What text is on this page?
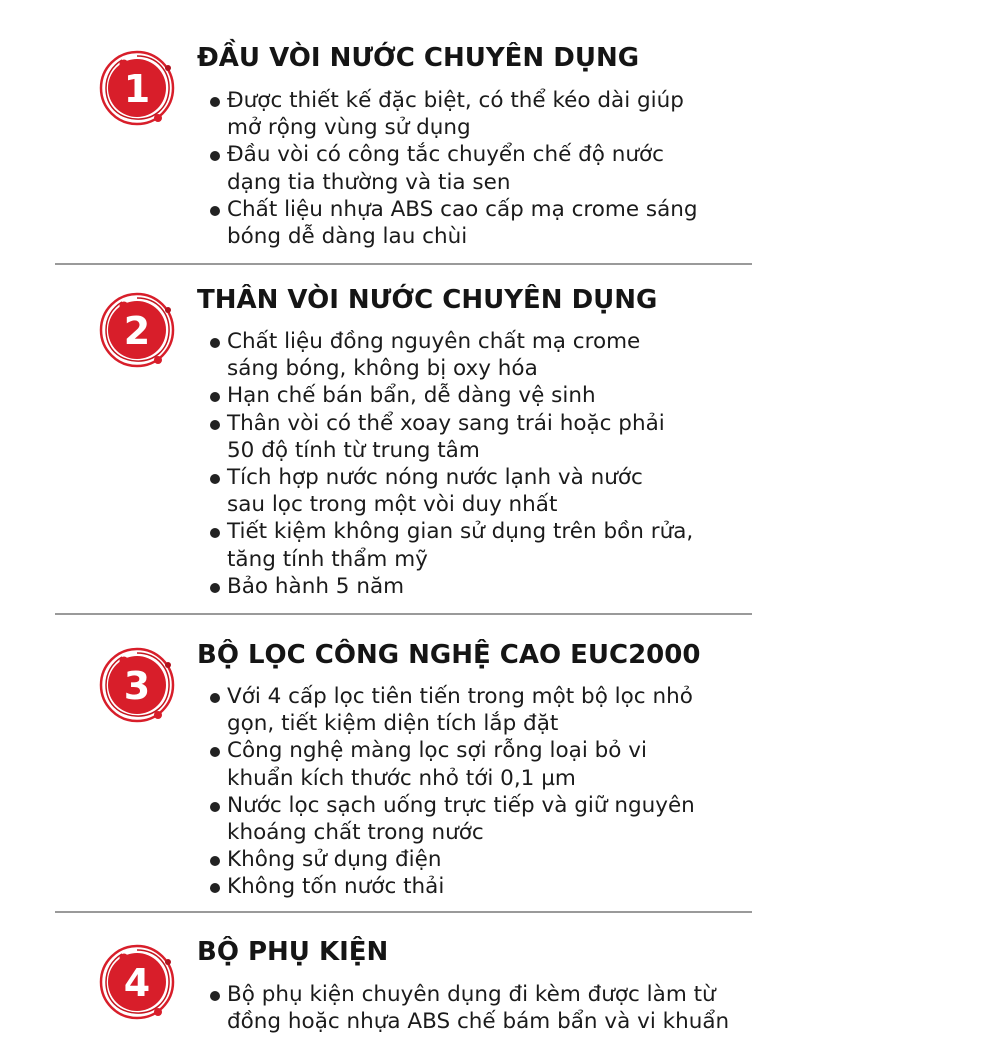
1
ĐẦU VÒI NƯỚC CHUYÊN DỤNG
Được thiết kế đặc biệt, có thể kéo dài giúp
mở rộng vùng sử dụng
Đầu vòi có công tắc chuyển chế độ nước
dạng tia thường và tia sen
Chất liệu nhựa ABS cao cấp mạ crome sáng
bóng dễ dàng lau chùi
2
THÂN VÒI NƯỚC CHUYÊN DỤNG
Chất liệu đồng nguyên chất mạ crome
sáng bóng, không bị oxy hóa
Hạn chế bán bẩn, dễ dàng vệ sinh
Thân vòi có thể xoay sang trái hoặc phải
50 độ tính từ trung tâm
Tích hợp nước nóng nước lạnh và nước
sau lọc trong một vòi duy nhất
Tiết kiệm không gian sử dụng trên bồn rửa,
tăng tính thẩm mỹ
Bảo hành 5 năm
3
BỘ LỌC CÔNG NGHỆ CAO EUC2000
Với 4 cấp lọc tiên tiến trong một bộ lọc nhỏ
gọn, tiết kiệm diện tích lắp đặt
Công nghệ màng lọc sợi rỗng loại bỏ vi
khuẩn kích thước nhỏ tới 0,1 µm
Nước lọc sạch uống trực tiếp và giữ nguyên
khoáng chất trong nước
Không sử dụng điện
Không tốn nước thải
4
BỘ PHỤ KIỆN
Bộ phụ kiện chuyên dụng đi kèm được làm từ
đồng hoặc nhựa ABS chế bám bẩn và vi khuẩn
